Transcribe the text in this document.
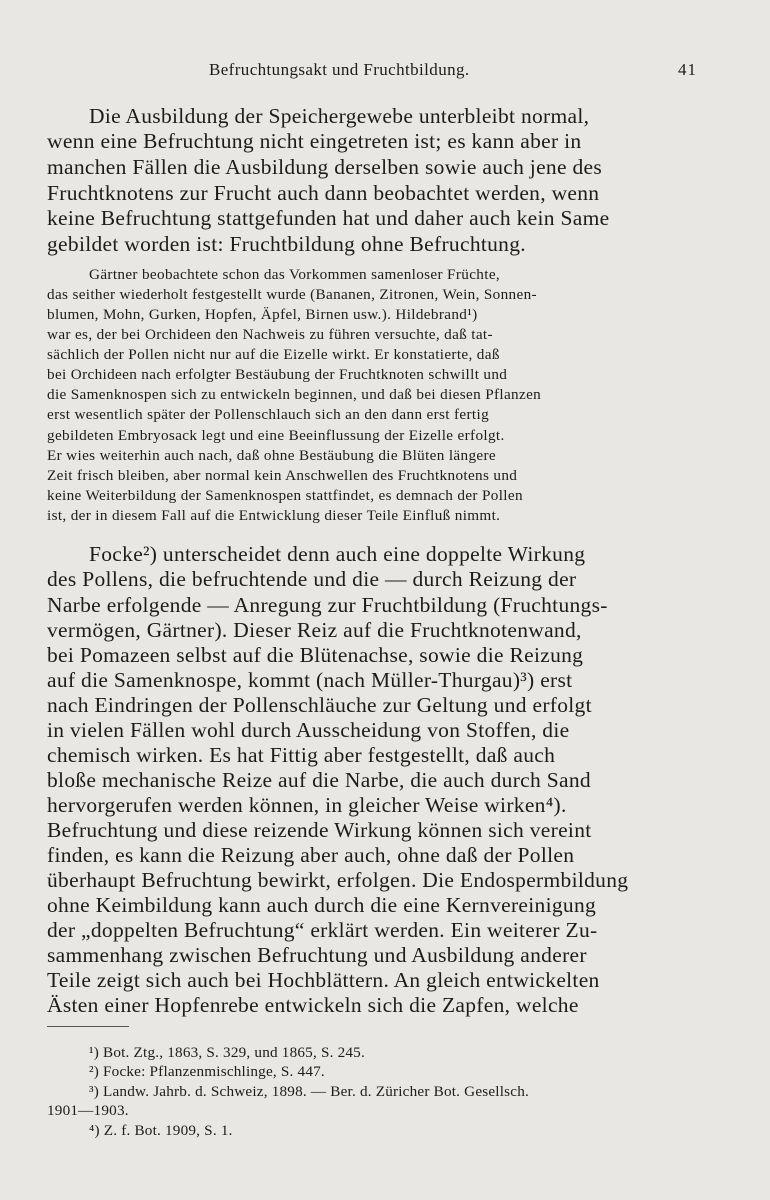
Befruchtungsakt und Fruchtbildung.	41
Die Ausbildung der Speichergewebe unterbleibt normal,
wenn eine Befruchtung nicht eingetreten ist; es kann aber in
manchen Fällen die Ausbildung derselben sowie auch jene des
Fruchtknotens zur Frucht auch dann beobachtet werden, wenn
keine Befruchtung stattgefunden hat und daher auch kein Same
gebildet worden ist: Fruchtbildung ohne Befruchtung.
Gärtner beobachtete schon das Vorkommen samenloser Früchte,
das seither wiederholt festgestellt wurde (Bananen, Zitronen, Wein, Sonnen-
blumen, Mohn, Gurken, Hopfen, Äpfel, Birnen usw.). Hildebrand¹)
war es, der bei Orchideen den Nachweis zu führen versuchte, daß tat-
sächlich der Pollen nicht nur auf die Eizelle wirkt. Er konstatierte, daß
bei Orchideen nach erfolgter Bestäubung der Fruchtknoten schwillt und
die Samenknospen sich zu entwickeln beginnen, und daß bei diesen Pflanzen
erst wesentlich später der Pollenschlauch sich an den dann erst fertig
gebildeten Embryosack legt und eine Beeinflussung der Eizelle erfolgt.
Er wies weiterhin auch nach, daß ohne Bestäubung die Blüten längere
Zeit frisch bleiben, aber normal kein Anschwellen des Fruchtknotens und
keine Weiterbildung der Samenknospen stattfindet, es demnach der Pollen
ist, der in diesem Fall auf die Entwicklung dieser Teile Einfluß nimmt.
Focke²) unterscheidet denn auch eine doppelte Wirkung
des Pollens, die befruchtende und die — durch Reizung der
Narbe erfolgende — Anregung zur Fruchtbildung (Fruchtungs-
vermögen, Gärtner). Dieser Reiz auf die Fruchtknotenwand,
bei Pomazeen selbst auf die Blütenachse, sowie die Reizung
auf die Samenknospe, kommt (nach Müller-Thurgau)³) erst
nach Eindringen der Pollenschläuche zur Geltung und erfolgt
in vielen Fällen wohl durch Ausscheidung von Stoffen, die
chemisch wirken. Es hat Fittig aber festgestellt, daß auch
bloße mechanische Reize auf die Narbe, die auch durch Sand
hervorgerufen werden können, in gleicher Weise wirken⁴).
Befruchtung und diese reizende Wirkung können sich vereint
finden, es kann die Reizung aber auch, ohne daß der Pollen
überhaupt Befruchtung bewirkt, erfolgen. Die Endospermbildung
ohne Keimbildung kann auch durch die eine Kernvereinigung
der „doppelten Befruchtung“ erklärt werden. Ein weiterer Zu-
sammenhang zwischen Befruchtung und Ausbildung anderer
Teile zeigt sich auch bei Hochblättern. An gleich entwickelten
Ästen einer Hopfenrebe entwickeln sich die Zapfen, welche
¹) Bot. Ztg., 1863, S. 329, und 1865, S. 245.
²) Focke: Pflanzenmischlinge, S. 447.
³) Landw. Jahrb. d. Schweiz, 1898. — Ber. d. Züricher Bot. Gesellsch.
1901—1903.
⁴) Z. f. Bot. 1909, S. 1.
